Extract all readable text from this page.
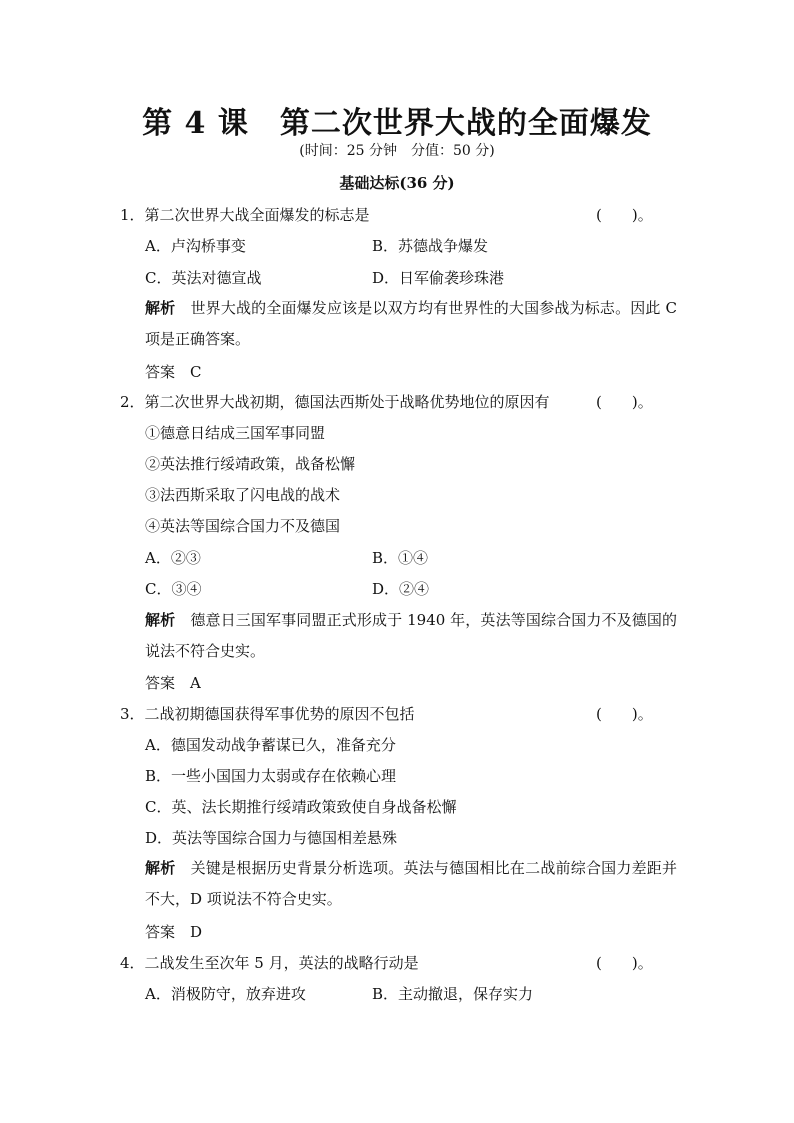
第 4 课　第二次世界大战的全面爆发
(时间：25 分钟　分值：50 分)
基础达标(36 分)
1．第二次世界大战全面爆发的标志是	(　　)。
A．卢沟桥事变	B．苏德战争爆发
C．英法对德宣战	D．日军偷袭珍珠港
解析　 世界大战的全面爆发应该是以双方均有世界性的大国参战为标志。因此 C 项是正确答案。
答案　C
2．第二次世界大战初期，德国法西斯处于战略优势地位的原因有	(　　)。
①德意日结成三国军事同盟
②英法推行绥靖政策，战备松懈
③法西斯采取了闪电战的战术
④英法等国综合国力不及德国
A．②③	B．①④
C．③④	D．②④
解析　 德意日三国军事同盟正式形成于 1940 年，英法等国综合国力不及德国的说法不符合史实。
答案　A
3．二战初期德国获得军事优势的原因不包括	(　　)。
A．德国发动战争蓄谋已久，准备充分
B．一些小国国力太弱或存在依赖心理
C．英、法长期推行绥靖政策致使自身战备松懈
D．英法等国综合国力与德国相差悬殊
解析　 关键是根据历史背景分析选项。英法与德国相比在二战前综合国力差距并不大，D 项说法不符合史实。
答案　D
4．二战发生至次年 5 月，英法的战略行动是	(　　)。
A．消极防守，放弃进攻	B．主动撤退，保存实力
